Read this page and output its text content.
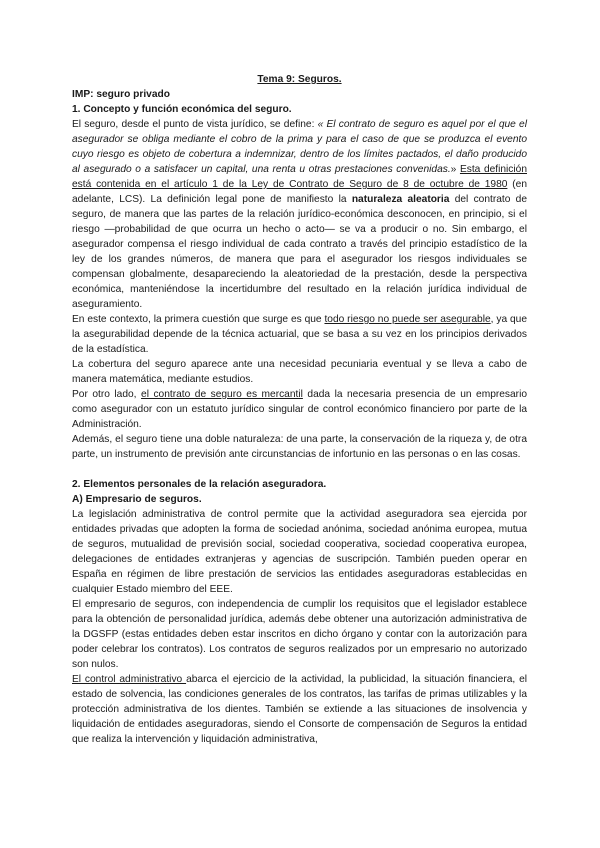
Tema 9: Seguros.

IMP: seguro privado

1. Concepto y función económica del seguro.

El seguro, desde el punto de vista jurídico, se define: « El contrato de seguro es aquel por el que el asegurador se obliga mediante el cobro de la prima y para el caso de que se produzca el evento cuyo riesgo es objeto de cobertura a indemnizar, dentro de los límites pactados, el daño producido al asegurado o a satisfacer un capital, una renta u otras prestaciones convenidas.» Esta definición está contenida en el artículo 1 de la Ley de Contrato de Seguro de 8 de octubre de 1980 (en adelante, LCS). La definición legal pone de manifiesto la naturaleza aleatoria del contrato de seguro, de manera que las partes de la relación jurídico-económica desconocen, en principio, si el riesgo —probabilidad de que ocurra un hecho o acto— se va a producir o no. Sin embargo, el asegurador compensa el riesgo individual de cada contrato a través del principio estadístico de la ley de los grandes números, de manera que para el asegurador los riesgos individuales se compensan globalmente, desapareciendo la aleatoriedad de la prestación, desde la perspectiva económica, manteniéndose la incertidumbre del resultado en la relación jurídica individual de aseguramiento.

En este contexto, la primera cuestión que surge es que todo riesgo no puede ser asegurable, ya que la asegurabilidad depende de la técnica actuarial, que se basa a su vez en los principios derivados de la estadística.

La cobertura del seguro aparece ante una necesidad pecuniaria eventual y se lleva a cabo de manera matemática, mediante estudios.

Por otro lado, el contrato de seguro es mercantil dada la necesaria presencia de un empresario como asegurador con un estatuto jurídico singular de control económico financiero por parte de la Administración.

Además, el seguro tiene una doble naturaleza: de una parte, la conservación de la riqueza y, de otra parte, un instrumento de previsión ante circunstancias de infortunio en las personas o en las cosas.

2. Elementos personales de la relación aseguradora.

A) Empresario de seguros.

La legislación administrativa de control permite que la actividad aseguradora sea ejercida por entidades privadas que adopten la forma de sociedad anónima, sociedad anónima europea, mutua de seguros, mutualidad de previsión social, sociedad cooperativa, sociedad cooperativa europea, delegaciones de entidades extranjeras y agencias de suscripción. También pueden operar en España en régimen de libre prestación de servicios las entidades aseguradoras establecidas en cualquier Estado miembro del EEE.

El empresario de seguros, con independencia de cumplir los requisitos que el legislador establece para la obtención de personalidad jurídica, además debe obtener una autorización administrativa de la DGSFP (estas entidades deben estar inscritos en dicho órgano y contar con la autorización para poder celebrar los contratos). Los contratos de seguros realizados por un empresario no autorizado son nulos.

El control administrativo abarca el ejercicio de la actividad, la publicidad, la situación financiera, el estado de solvencia, las condiciones generales de los contratos, las tarifas de primas utilizables y la protección administrativa de los dientes. También se extiende a las situaciones de insolvencia y liquidación de entidades aseguradoras, siendo el Consorte de compensación de Seguros la entidad que realiza la intervención y liquidación administrativa,
